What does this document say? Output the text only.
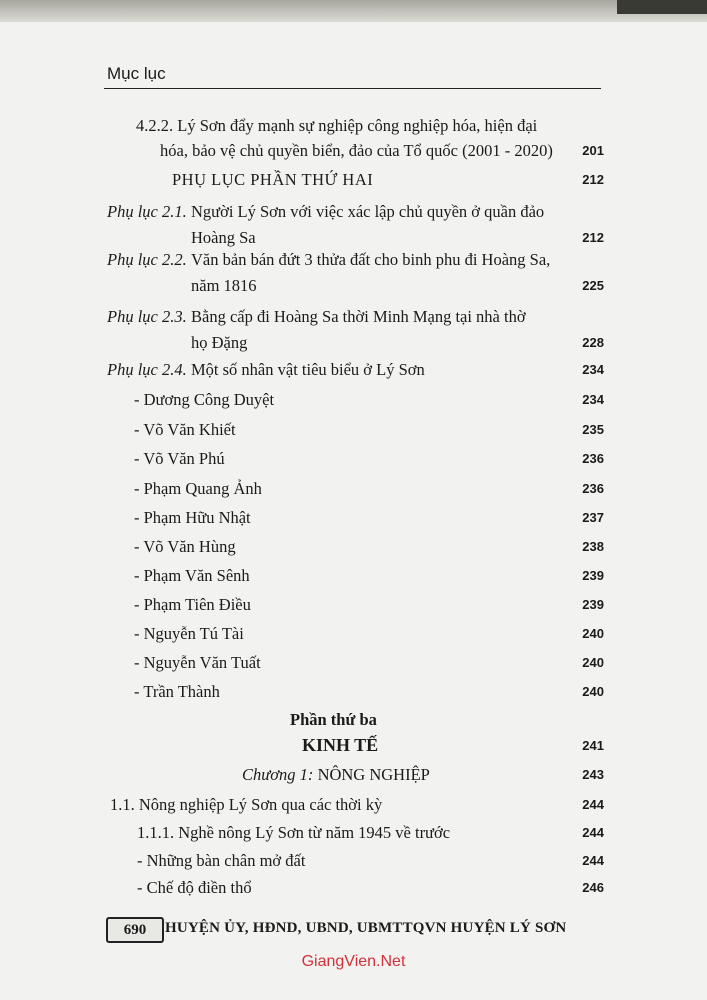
Mục lục
4.2.2. Lý Sơn đẩy mạnh sự nghiệp công nghiệp hóa, hiện đại
hóa, bảo vệ chủ quyền biển, đảo của Tổ quốc (2001 - 2020)	201
PHỤ LỤC PHẦN THỨ HAI	212
Phụ lục 2.1. Người Lý Sơn với việc xác lập chủ quyền ở quần đảo
Hoàng Sa	212
Phụ lục 2.2. Văn bản bán đứt 3 thửa đất cho binh phu đi Hoàng Sa,
năm 1816	225
Phụ lục 2.3. Bằng cấp đi Hoàng Sa thời Minh Mạng tại nhà thờ
họ Đặng	228
Phụ lục 2.4. Một số nhân vật tiêu biểu ở Lý Sơn	234
- Dương Công Duyệt	234
- Võ Văn Khiết	235
- Võ Văn Phú	236
- Phạm Quang Ảnh	236
- Phạm Hữu Nhật	237
- Võ Văn Hùng	238
- Phạm Văn Sênh	239
- Phạm Tiên Điều	239
- Nguyễn Tú Tài	240
- Nguyễn Văn Tuất	240
- Trần Thành	240
Phần thứ ba
KINH TẾ	241
Chương 1: NÔNG NGHIỆP	243
1.1. Nông nghiệp Lý Sơn qua các thời kỳ	244
1.1.1. Nghề nông Lý Sơn từ năm 1945 về trước	244
- Những bàn chân mở đất	244
- Chế độ điền thổ	246
690	HUYỆN ỦY, HĐND, UBND, UBMTTQVN HUYỆN LÝ SƠN
GiangVien.Net
